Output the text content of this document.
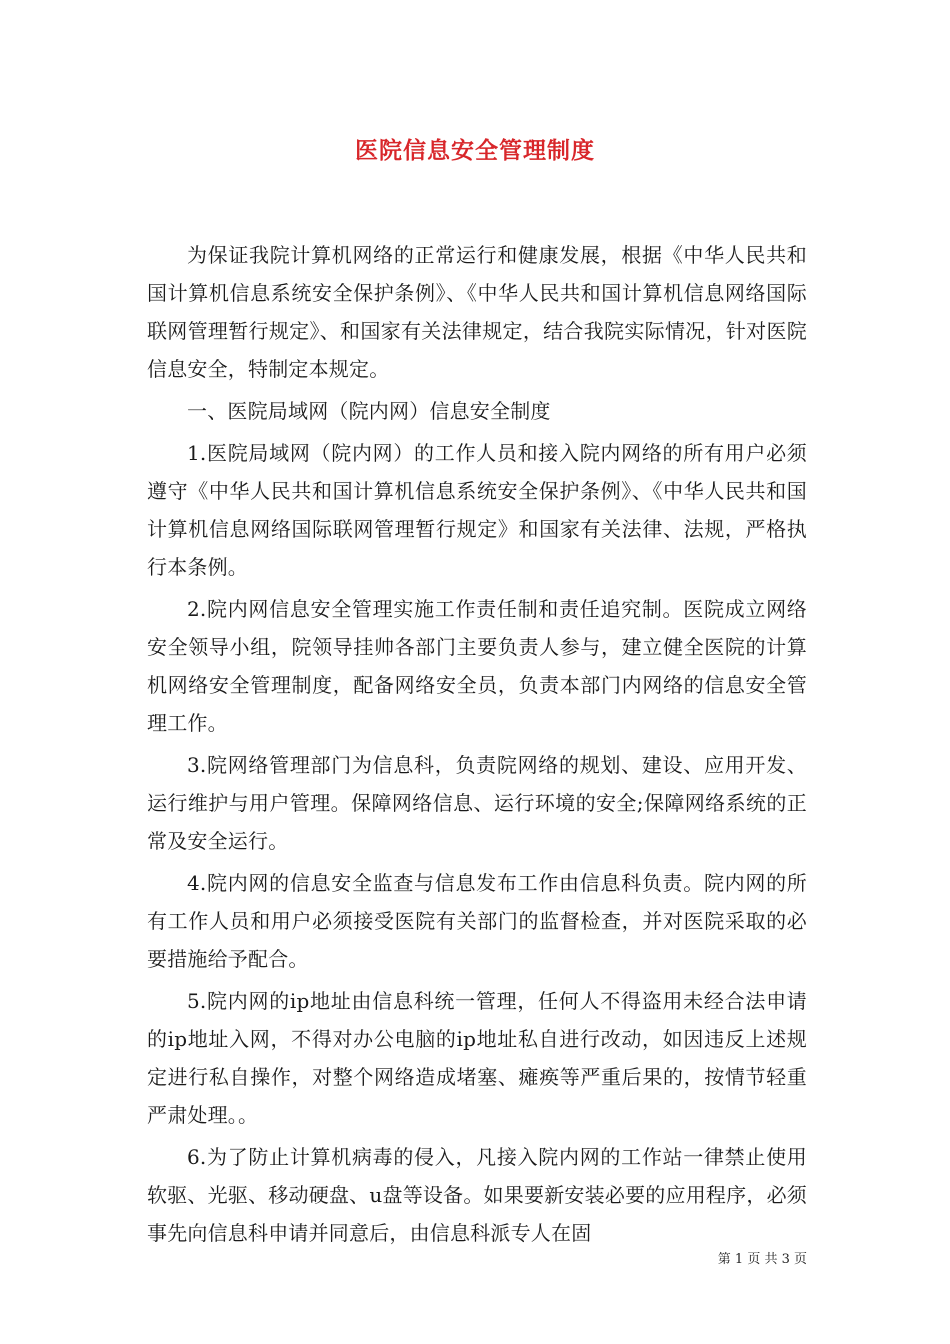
医院信息安全管理制度

为保证我院计算机网络的正常运行和健康发展，根据《中华人民共和国计算机信息系统安全保护条例》、《中华人民共和国计算机信息网络国际联网管理暂行规定》、和国家有关法律规定，结合我院实际情况，针对医院信息安全，特制定本规定。

一、医院局域网（院内网）信息安全制度

1.医院局域网（院内网）的工作人员和接入院内网络的所有用户必须遵守《中华人民共和国计算机信息系统安全保护条例》、《中华人民共和国计算机信息网络国际联网管理暂行规定》和国家有关法律、法规，严格执行本条例。

2.院内网信息安全管理实施工作责任制和责任追究制。医院成立网络安全领导小组，院领导挂帅各部门主要负责人参与，建立健全医院的计算机网络安全管理制度，配备网络安全员，负责本部门内网络的信息安全管理工作。

3.院网络管理部门为信息科，负责院网络的规划、建设、应用开发、运行维护与用户管理。保障网络信息、运行环境的安全;保障网络系统的正常及安全运行。

4.院内网的信息安全监查与信息发布工作由信息科负责。院内网的所有工作人员和用户必须接受医院有关部门的监督检查，并对医院采取的必要措施给予配合。

5.院内网的ip地址由信息科统一管理，任何人不得盗用未经合法申请的ip地址入网，不得对办公电脑的ip地址私自进行改动，如因违反上述规定进行私自操作，对整个网络造成堵塞、瘫痪等严重后果的，按情节轻重严肃处理。。

6.为了防止计算机病毒的侵入，凡接入院内网的工作站一律禁止使用软驱、光驱、移动硬盘、u盘等设备。如果要新安装必要的应用程序，必须事先向信息科申请并同意后，由信息科派专人在固

第 1 页 共 3 页
